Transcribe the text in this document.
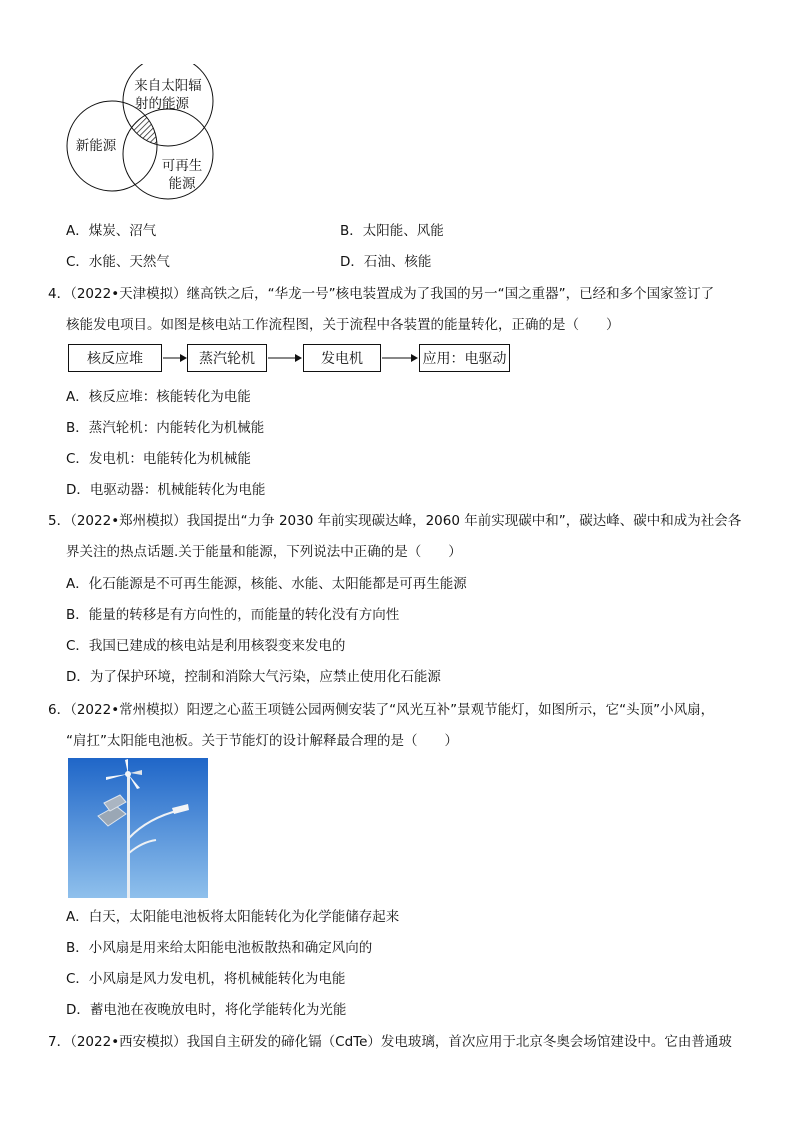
来自太阳辐
射的能源
新能源
可再生
能源
A．煤炭、沼气	B．太阳能、风能
C．水能、天然气	D．石油、核能
4．（2022•天津模拟）继高铁之后，“华龙一号”核电装置成为了我国的另一“国之重器”，已经和多个国家签订了
核能发电项目。如图是核电站工作流程图，关于流程中各装置的能量转化，正确的是（　　）
核反应堆	蒸汽轮机	发电机	应用：电驱动
A．核反应堆：核能转化为电能
B．蒸汽轮机：内能转化为机械能
C．发电机：电能转化为机械能
D．电驱动器：机械能转化为电能
5．（2022•郑州模拟）我国提出“力争 2030 年前实现碳达峰，2060 年前实现碳中和”，碳达峰、碳中和成为社会各
界关注的热点话题.关于能量和能源，下列说法中正确的是（　　）
A．化石能源是不可再生能源，核能、水能、太阳能都是可再生能源
B．能量的转移是有方向性的，而能量的转化没有方向性
C．我国已建成的核电站是利用核裂变来发电的
D．为了保护环境，控制和消除大气污染，应禁止使用化石能源
6．（2022•常州模拟）阳逻之心蓝王项链公园两侧安装了“风光互补”景观节能灯，如图所示，它“头顶”小风扇，
“肩扛”太阳能电池板。关于节能灯的设计解释最合理的是（　　）
A．白天，太阳能电池板将太阳能转化为化学能储存起来
B．小风扇是用来给太阳能电池板散热和确定风向的
C．小风扇是风力发电机，将机械能转化为电能
D．蓄电池在夜晚放电时，将化学能转化为光能
7．（2022•西安模拟）我国自主研发的碲化镉（CdTe）发电玻璃，首次应用于北京冬奥会场馆建设中。它由普通玻
